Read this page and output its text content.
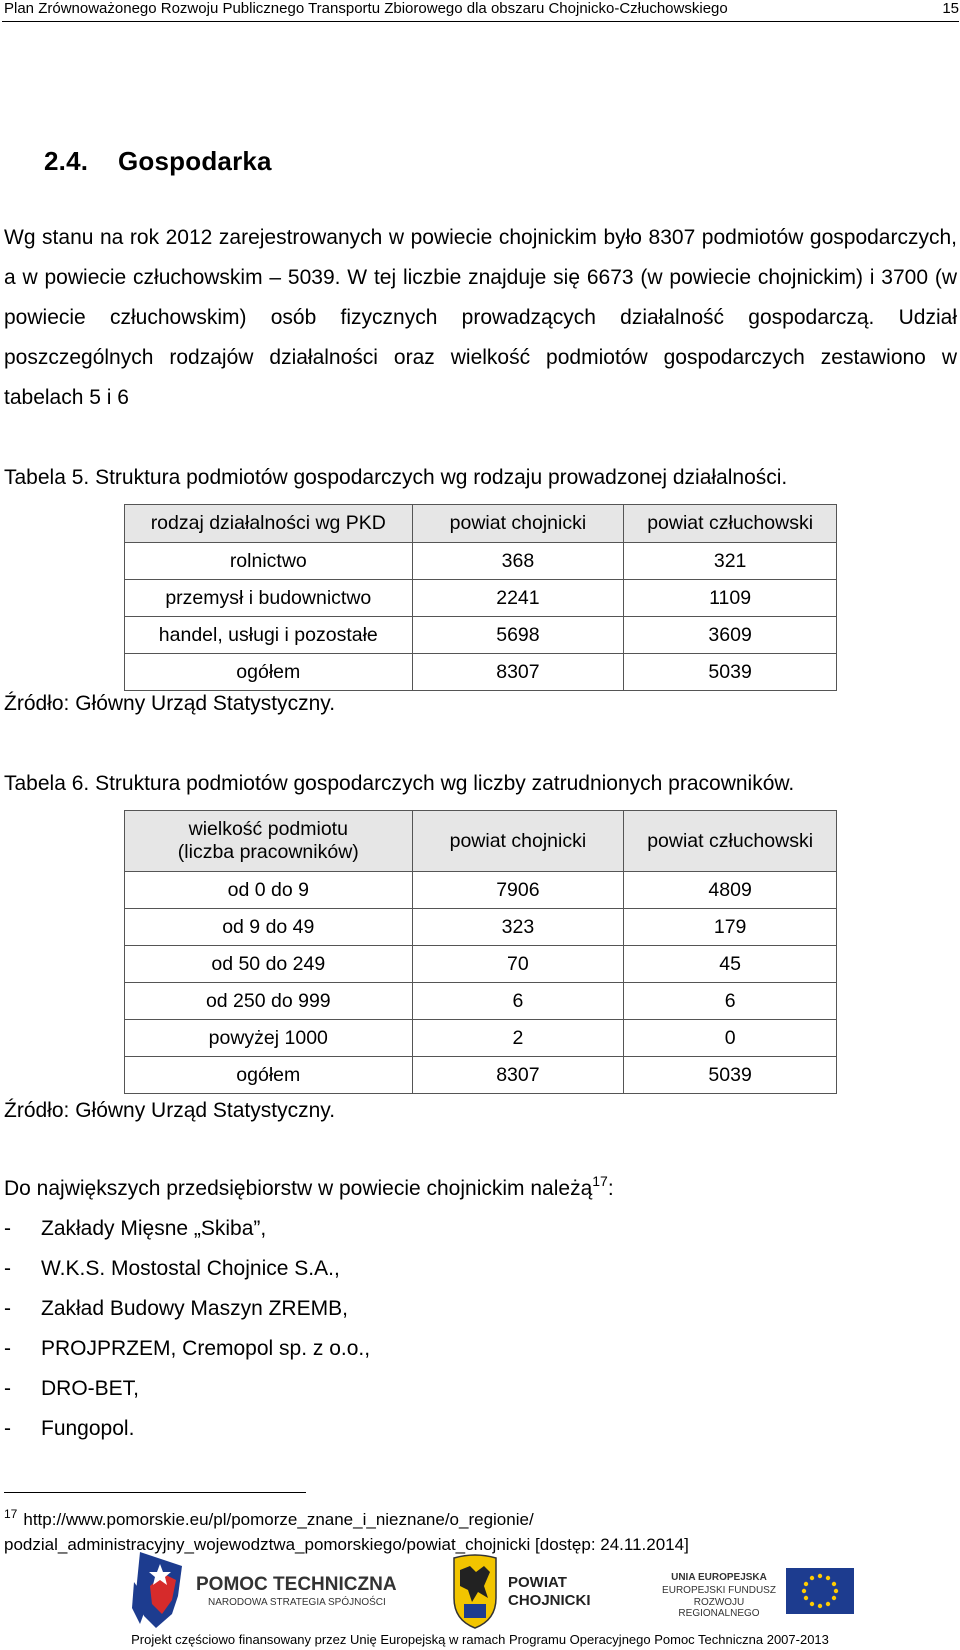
Plan Zrównoważonego Rozwoju Publicznego Transportu Zbiorowego dla obszaru Chojnicko-Człuchowskiego	15
2.4. Gospodarka

Wg stanu na rok 2012 zarejestrowanych w powiecie chojnickim było 8307 podmiotów gospodarczych, a w powiecie człuchowskim – 5039. W tej liczbie znajduje się 6673 (w powiecie chojnickim) i 3700 (w powiecie człuchowskim) osób fizycznych prowadzących działalność gospodarczą. Udział poszczególnych rodzajów działalności oraz wielkość podmiotów gospodarczych zestawiono w tabelach 5 i 6

Tabela 5. Struktura podmiotów gospodarczych wg rodzaju prowadzonej działalności.
rodzaj działalności wg PKD	powiat chojnicki	powiat człuchowski
rolnictwo	368	321
przemysł i budownictwo	2241	1109
handel, usługi i pozostałe	5698	3609
ogółem	8307	5039
Źródło: Główny Urząd Statystyczny.
Tabela 6. Struktura podmiotów gospodarczych wg liczby zatrudnionych pracowników.
wielkość podmiotu
(liczba pracowników)	powiat chojnicki	powiat człuchowski
od 0 do 9	7906	4809
od 9 do 49	323	179
od 50 do 249	70	45
od 250 do 999	6	6
powyżej 1000	2	0
ogółem	8307	5039
Źródło: Główny Urząd Statystyczny.
Do największych przedsiębiorstw w powiecie chojnickim należą$^{17}$:
-	Zakłady Mięsne „Skiba”,
-	W.K.S. Mostostal Chojnice S.A.,
-	Zakład Budowy Maszyn ZREMB,
-	PROJPRZEM, Cremopol sp. z o.o.,
-	DRO-BET,
-	Fungopol.
$^{17}$ http://www.pomorskie.eu/pl/pomorze_znane_i_nieznane/o_regionie/
podzial_administracyjny_wojewodztwa_pomorskiego/powiat_chojnicki [dostęp: 24.11.2014]
POMOC TECHNICZNA
NARODOWA STRATEGIA SPÓJNOŚCI
POWIAT
CHOJNICKI
UNIA EUROPEJSKA
EUROPEJSKI FUNDUSZ
ROZWOJU REGIONALNEGO
Projekt częściowo finansowany przez Unię Europejską w ramach Programu Operacyjnego Pomoc Techniczna 2007-2013
